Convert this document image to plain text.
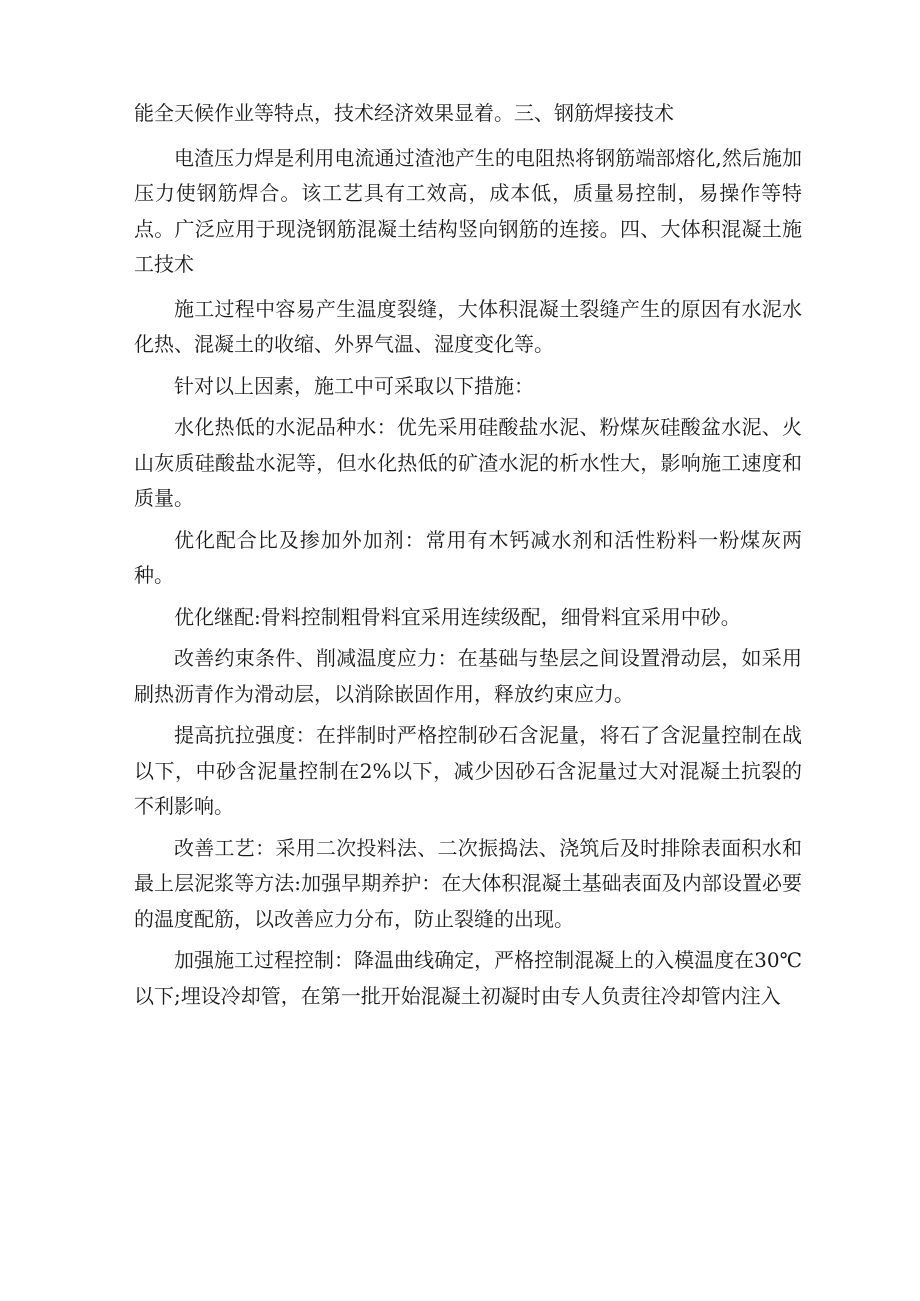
能全天候作业等特点，技术经济效果显着。三、钢筋焊接技术

电渣压力焊是利用电流通过渣池产生的电阻热将钢筋端部熔化,然后施加压力使钢筋焊合。该工艺具有工效高，成本低，质量易控制，易操作等特点。广泛应用于现浇钢筋混凝土结构竖向钢筋的连接。四、大体积混凝土施工技术

施工过程中容易产生温度裂缝，大体积混凝土裂缝产生的原因有水泥水化热、混凝土的收缩、外界气温、湿度变化等。

针对以上因素，施工中可采取以下措施：

水化热低的水泥品种水：优先采用硅酸盐水泥、粉煤灰硅酸盆水泥、火山灰质硅酸盐水泥等，但水化热低的矿渣水泥的析水性大，影响施工速度和质量。

优化配合比及掺加外加剂：常用有木钙减水剂和活性粉料一粉煤灰两种。

优化继配:骨料控制粗骨料宜采用连续级配，细骨料宜采用中砂。

改善约束条件、削减温度应力：在基础与垫层之间设置滑动层，如采用刷热沥青作为滑动层，以消除嵌固作用，释放约束应力。

提高抗拉强度：在拌制时严格控制砂石含泥量，将石了含泥量控制在战以下，中砂含泥量控制在2%以下，减少因砂石含泥量过大对混凝土抗裂的不利影响。

改善工艺：采用二次投料法、二次振捣法、浇筑后及时排除表面积水和最上层泥浆等方法:加强早期养护：在大体积混凝土基础表面及内部设置必要的温度配筋，以改善应力分布，防止裂缝的出现。

加强施工过程控制：降温曲线确定，严格控制混凝上的入模温度在30℃以下;埋设冷却管，在第一批开始混凝土初凝时由专人负责往冷却管内注入
